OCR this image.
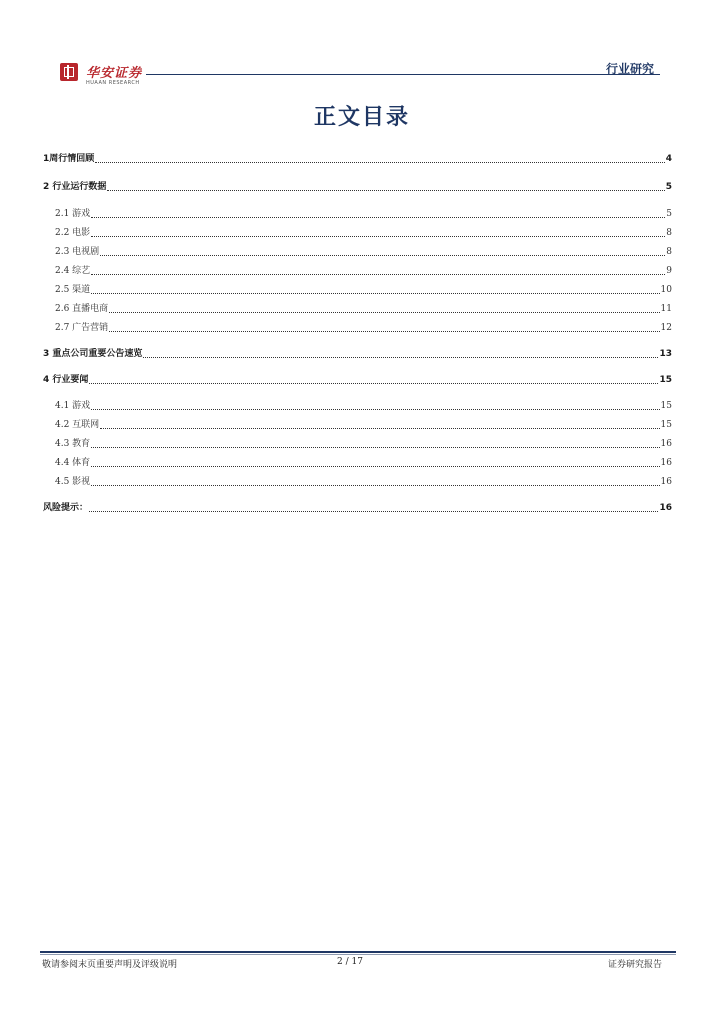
华安证券
HUAAN RESEARCH
行业研究
正文目录
1周行情回顾	4
2 行业运行数据	5
2.1 游戏	5
2.2 电影	8
2.3 电视剧	8
2.4 综艺	9
2.5 渠道	10
2.6 直播电商	11
2.7 广告营销	12
3 重点公司重要公告速览	13
4 行业要闻	15
4.1 游戏	15
4.2 互联网	15
4.3 教育	16
4.4 体育	16
4.5 影视	16
风险提示：	16
敬请参阅末页重要声明及评级说明	2 / 17	证券研究报告
